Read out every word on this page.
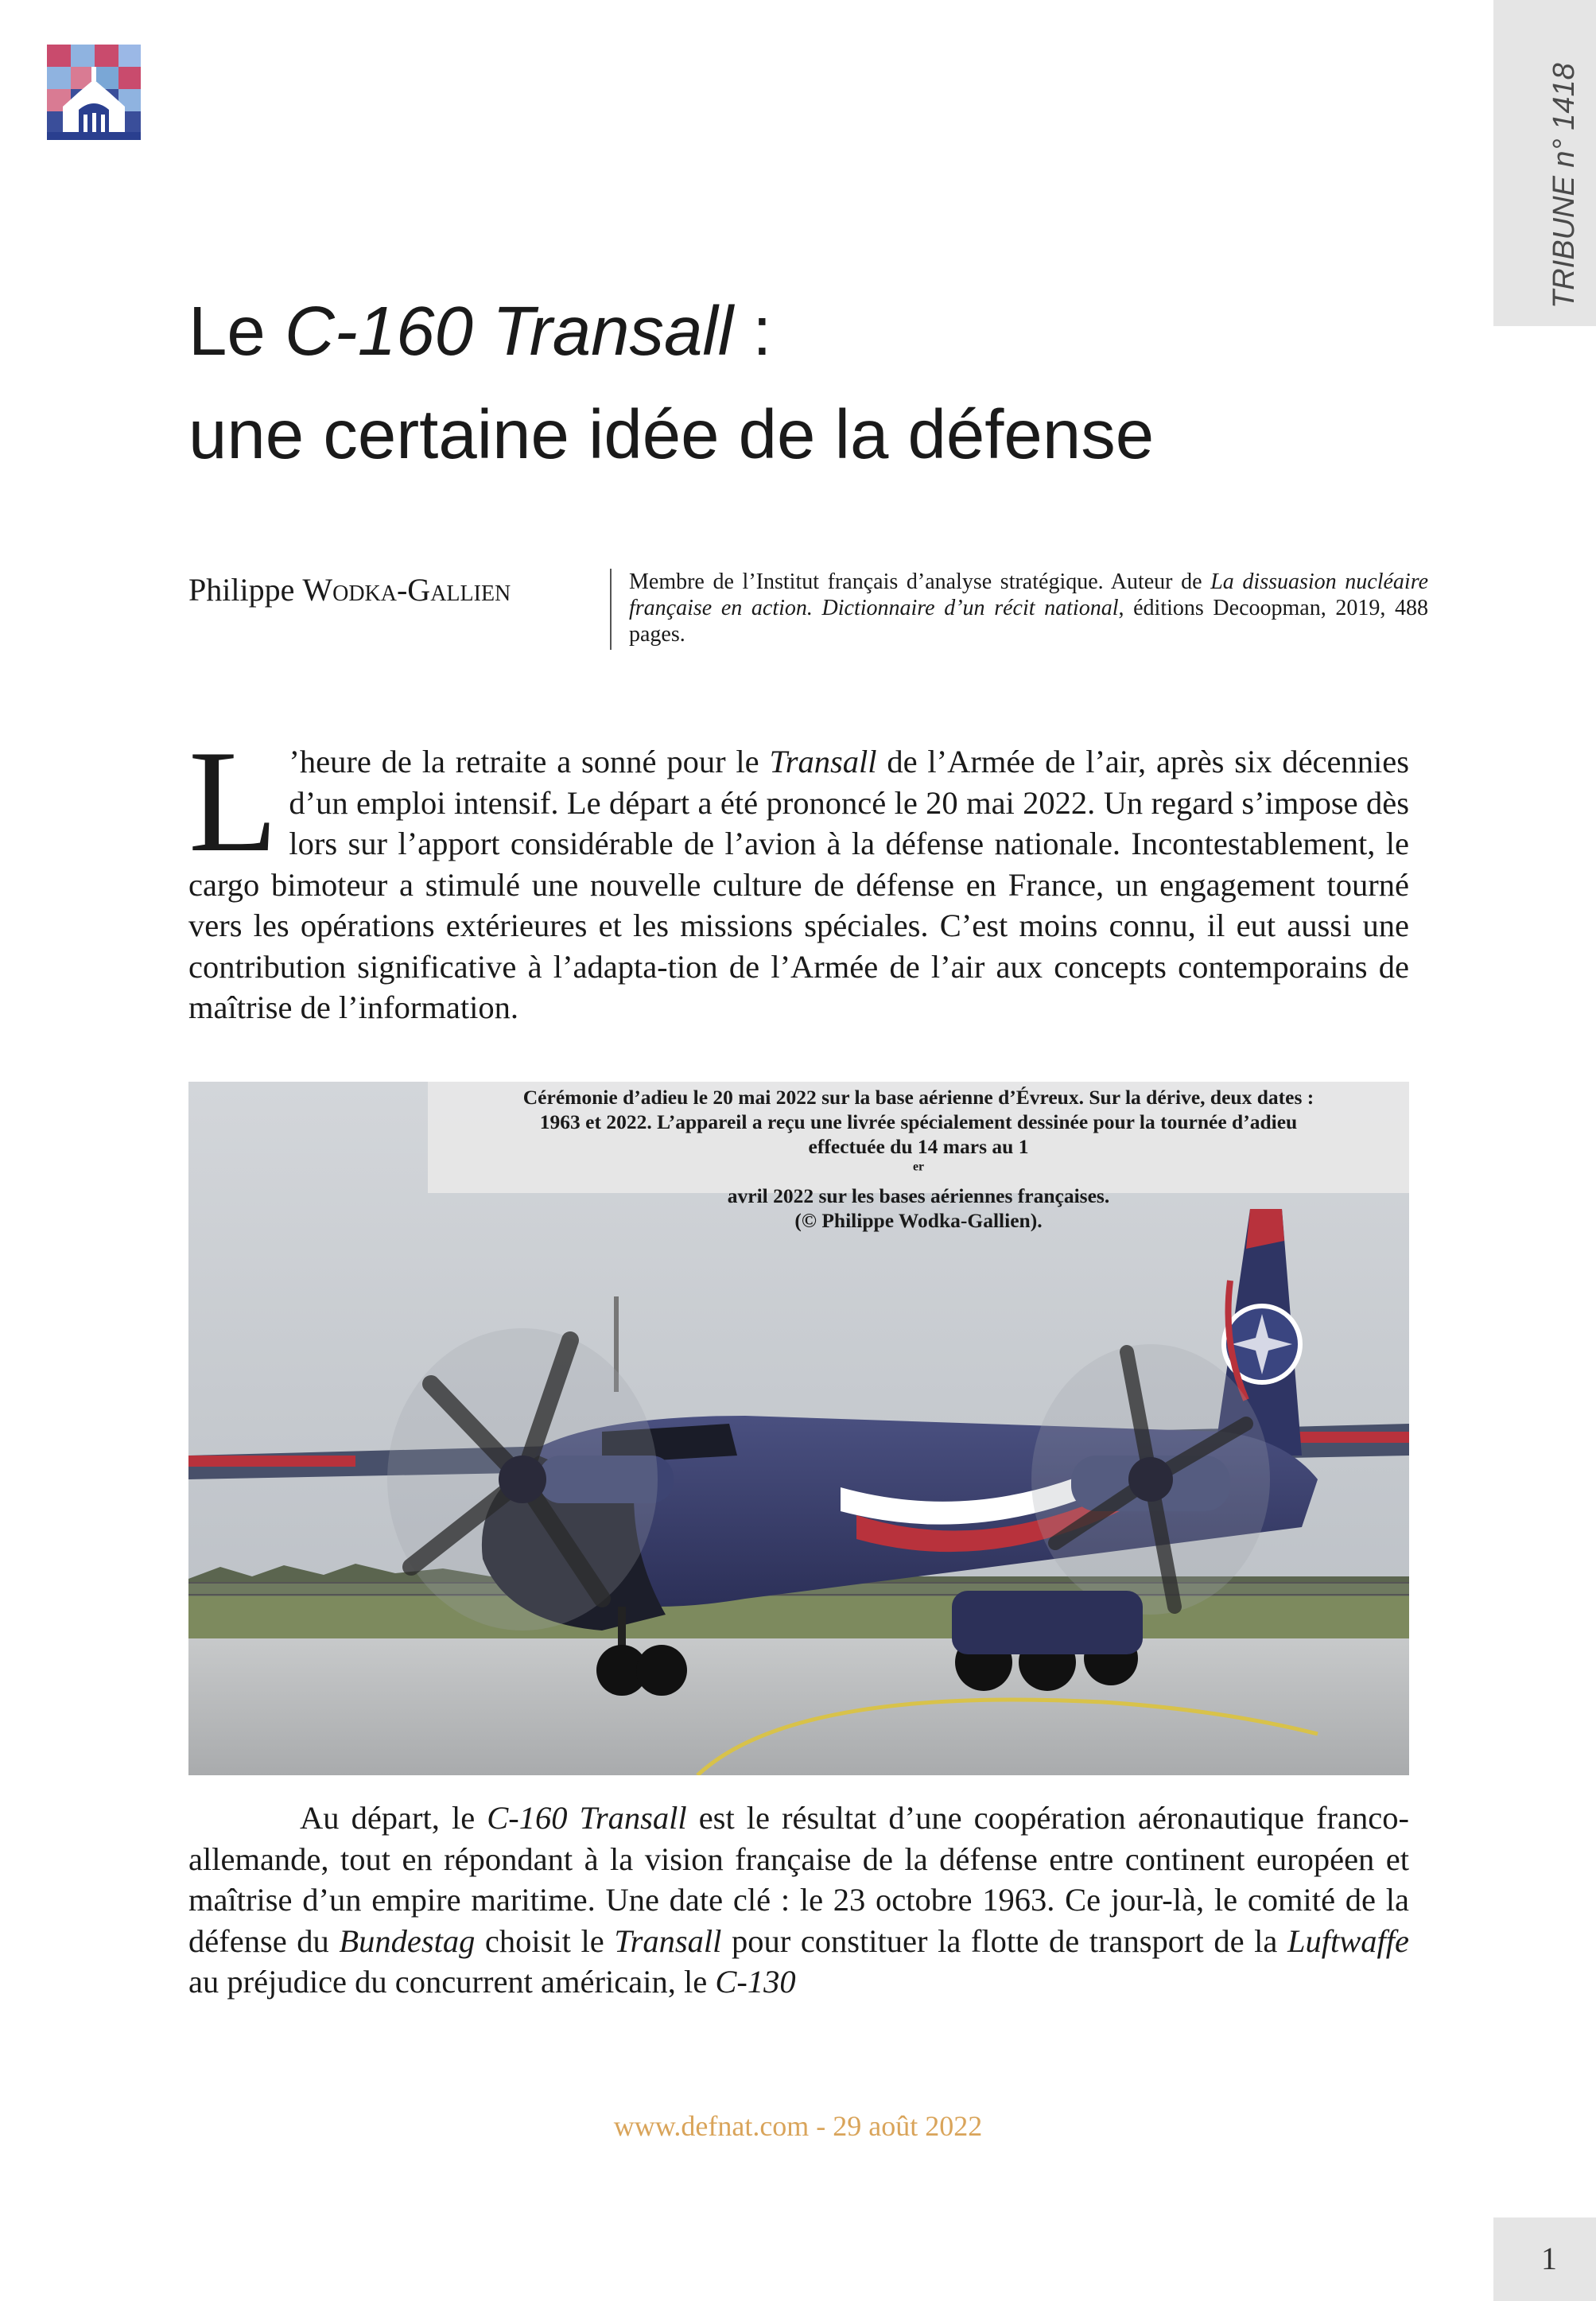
TRIBUNE n° 1418
Le C-160 Transall :
une certaine idée de la défense
Philippe Wodka-Gallien	Membre de l’Institut français d’analyse stratégique. Auteur de La dissuasion nucléaire française en action. Dictionnaire d’un récit national, éditions Decoopman, 2019, 488 pages.

L ’heure de la retraite a sonné pour le Transall de l’Armée de l’air, après six décennies d’un emploi intensif. Le départ a été prononcé le 20 mai 2022. Un regard s’impose dès lors sur l’apport considérable de l’avion à la défense nationale. Incontestablement, le cargo bimoteur a stimulé une nouvelle culture de défense en France, un engagement tourné vers les opérations extérieures et les missions spéciales. C’est moins connu, il eut aussi une contribution significative à l’adapta-tion de l’Armée de l’air aux concepts contemporains de maîtrise de l’information.

Cérémonie d’adieu le 20 mai 2022 sur la base aérienne d’Évreux. Sur la dérive, deux dates :
1963 et 2022. L’appareil a reçu une livrée spécialement dessinée pour la tournée d’adieu
effectuée du 14 mars au 1
$^{er}$
avril 2022 sur les bases aériennes françaises.
(© Philippe Wodka-Gallien).

Au départ, le C-160 Transall est le résultat d’une coopération aéronautique franco-allemande, tout en répondant à la vision française de la défense entre continent européen et maîtrise d’un empire maritime. Une date clé : le 23 octobre 1963. Ce jour-là, le comité de la défense du Bundestag choisit le Transall pour constituer la flotte de transport de la Luftwaffe au préjudice du concurrent américain, le C-130

www.defnat.com - 29 août 2022
1
